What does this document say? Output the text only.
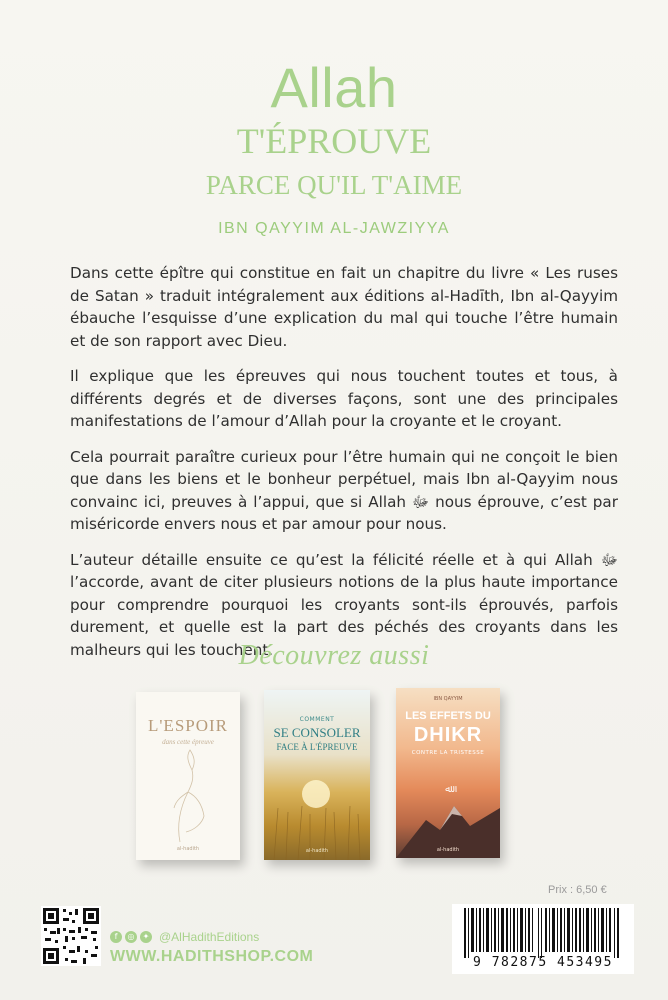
Allah
T'ÉPROUVE
PARCE QU'IL T'AIME
IBN QAYYIM AL-JAWZIYYA

Dans cette épître qui constitue en fait un chapitre du livre « Les ruses de Satan » traduit intégralement aux éditions al-Hadīth, Ibn al-Qayyim ébauche l’esquisse d’une explication du mal qui touche l’être humain et de son rapport avec Dieu.

Il explique que les épreuves qui nous touchent toutes et tous, à différents degrés et de diverses façons, sont une des principales manifestations de l’amour d’Allah pour la croyante et le croyant.

Cela pourrait paraître curieux pour l’être humain qui ne conçoit le bien que dans les biens et le bonheur perpétuel, mais Ibn al-Qayyim nous convainc ici, preuves à l’appui, que si Allah ﷻ nous éprouve, c’est par miséricorde envers nous et par amour pour nous.

L’auteur détaille ensuite ce qu’est la félicité réelle et à qui Allah ﷻ l’accorde, avant de citer plusieurs notions de la plus haute importance pour comprendre pourquoi les croyants sont-ils éprouvés, parfois durement, et quelle est la part des péchés des croyants dans les malheurs qui les touchent.

Découvrez aussi
L'ESPOIR
dans cette épreuve
al-hadith
COMMENT
SE CONSOLER
FACE À L'ÉPREUVE
al-hadith
ﷲ
IBN QAYYIM
LES EFFETS DU
DHIKR
CONTRE LA TRISTESSE
al-hadith
Prix : 6,50 €
f	◎	✦ @AlHadithEditions
WWW.HADITHSHOP.COM	9 782875 453495
